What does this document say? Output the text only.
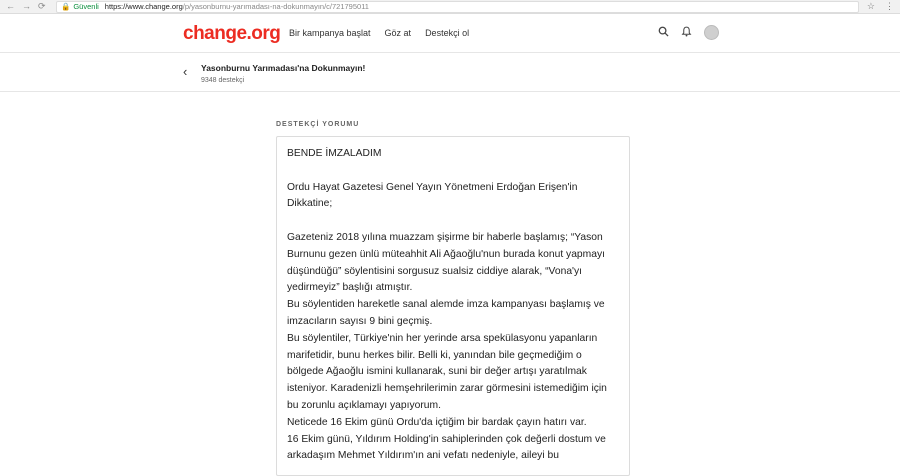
← → ⟳ 🔒 Güvenli https://www.change.org /p/yasonburnu-yarımadası-na-dokunmayın/c/721795011	☆ ⋮
change.org Bir kampanya başlat Göz at Destekçi ol
‹ Yasonburnu Yarımadası'na Dokunmayın!
9348 destekçi
DESTEKÇİ YORUMU

BENDE İMZALADIM

Ordu Hayat Gazetesi Genel Yayın Yönetmeni Erdoğan Erişen'in Dikkatine;

Gazeteniz 2018 yılına muazzam şişirme bir haberle başlamış; “Yason Burnunu gezen ünlü müteahhit Ali Ağaoğlu'nun burada konut yapmayı düşündüğü” söylentisini sorgusuz sualsiz ciddiye alarak, “Vona'yı yedirmeyiz” başlığı atmıştır.
Bu söylentiden hareketle sanal alemde imza kampanyası başlamış ve imzacıların sayısı 9 bini geçmiş.
Bu söylentiler, Türkiye'nin her yerinde arsa spekülasyonu yapanların marifetidir, bunu herkes bilir. Belli ki, yanından bile geçmediğim o bölgede Ağaoğlu ismini kullanarak, suni bir değer artışı yaratılmak isteniyor. Karadenizli hemşehrilerimin zarar görmesini istemediğim için bu zorunlu açıklamayı yapıyorum.
Neticede 16 Ekim günü Ordu'da içtiğim bir bardak çayın hatırı var.
16 Ekim günü, Yıldırım Holding'in sahiplerinden çok değerli dostum ve arkadaşım Mehmet Yıldırım'ın ani vefatı nedeniyle, aileyi bu
